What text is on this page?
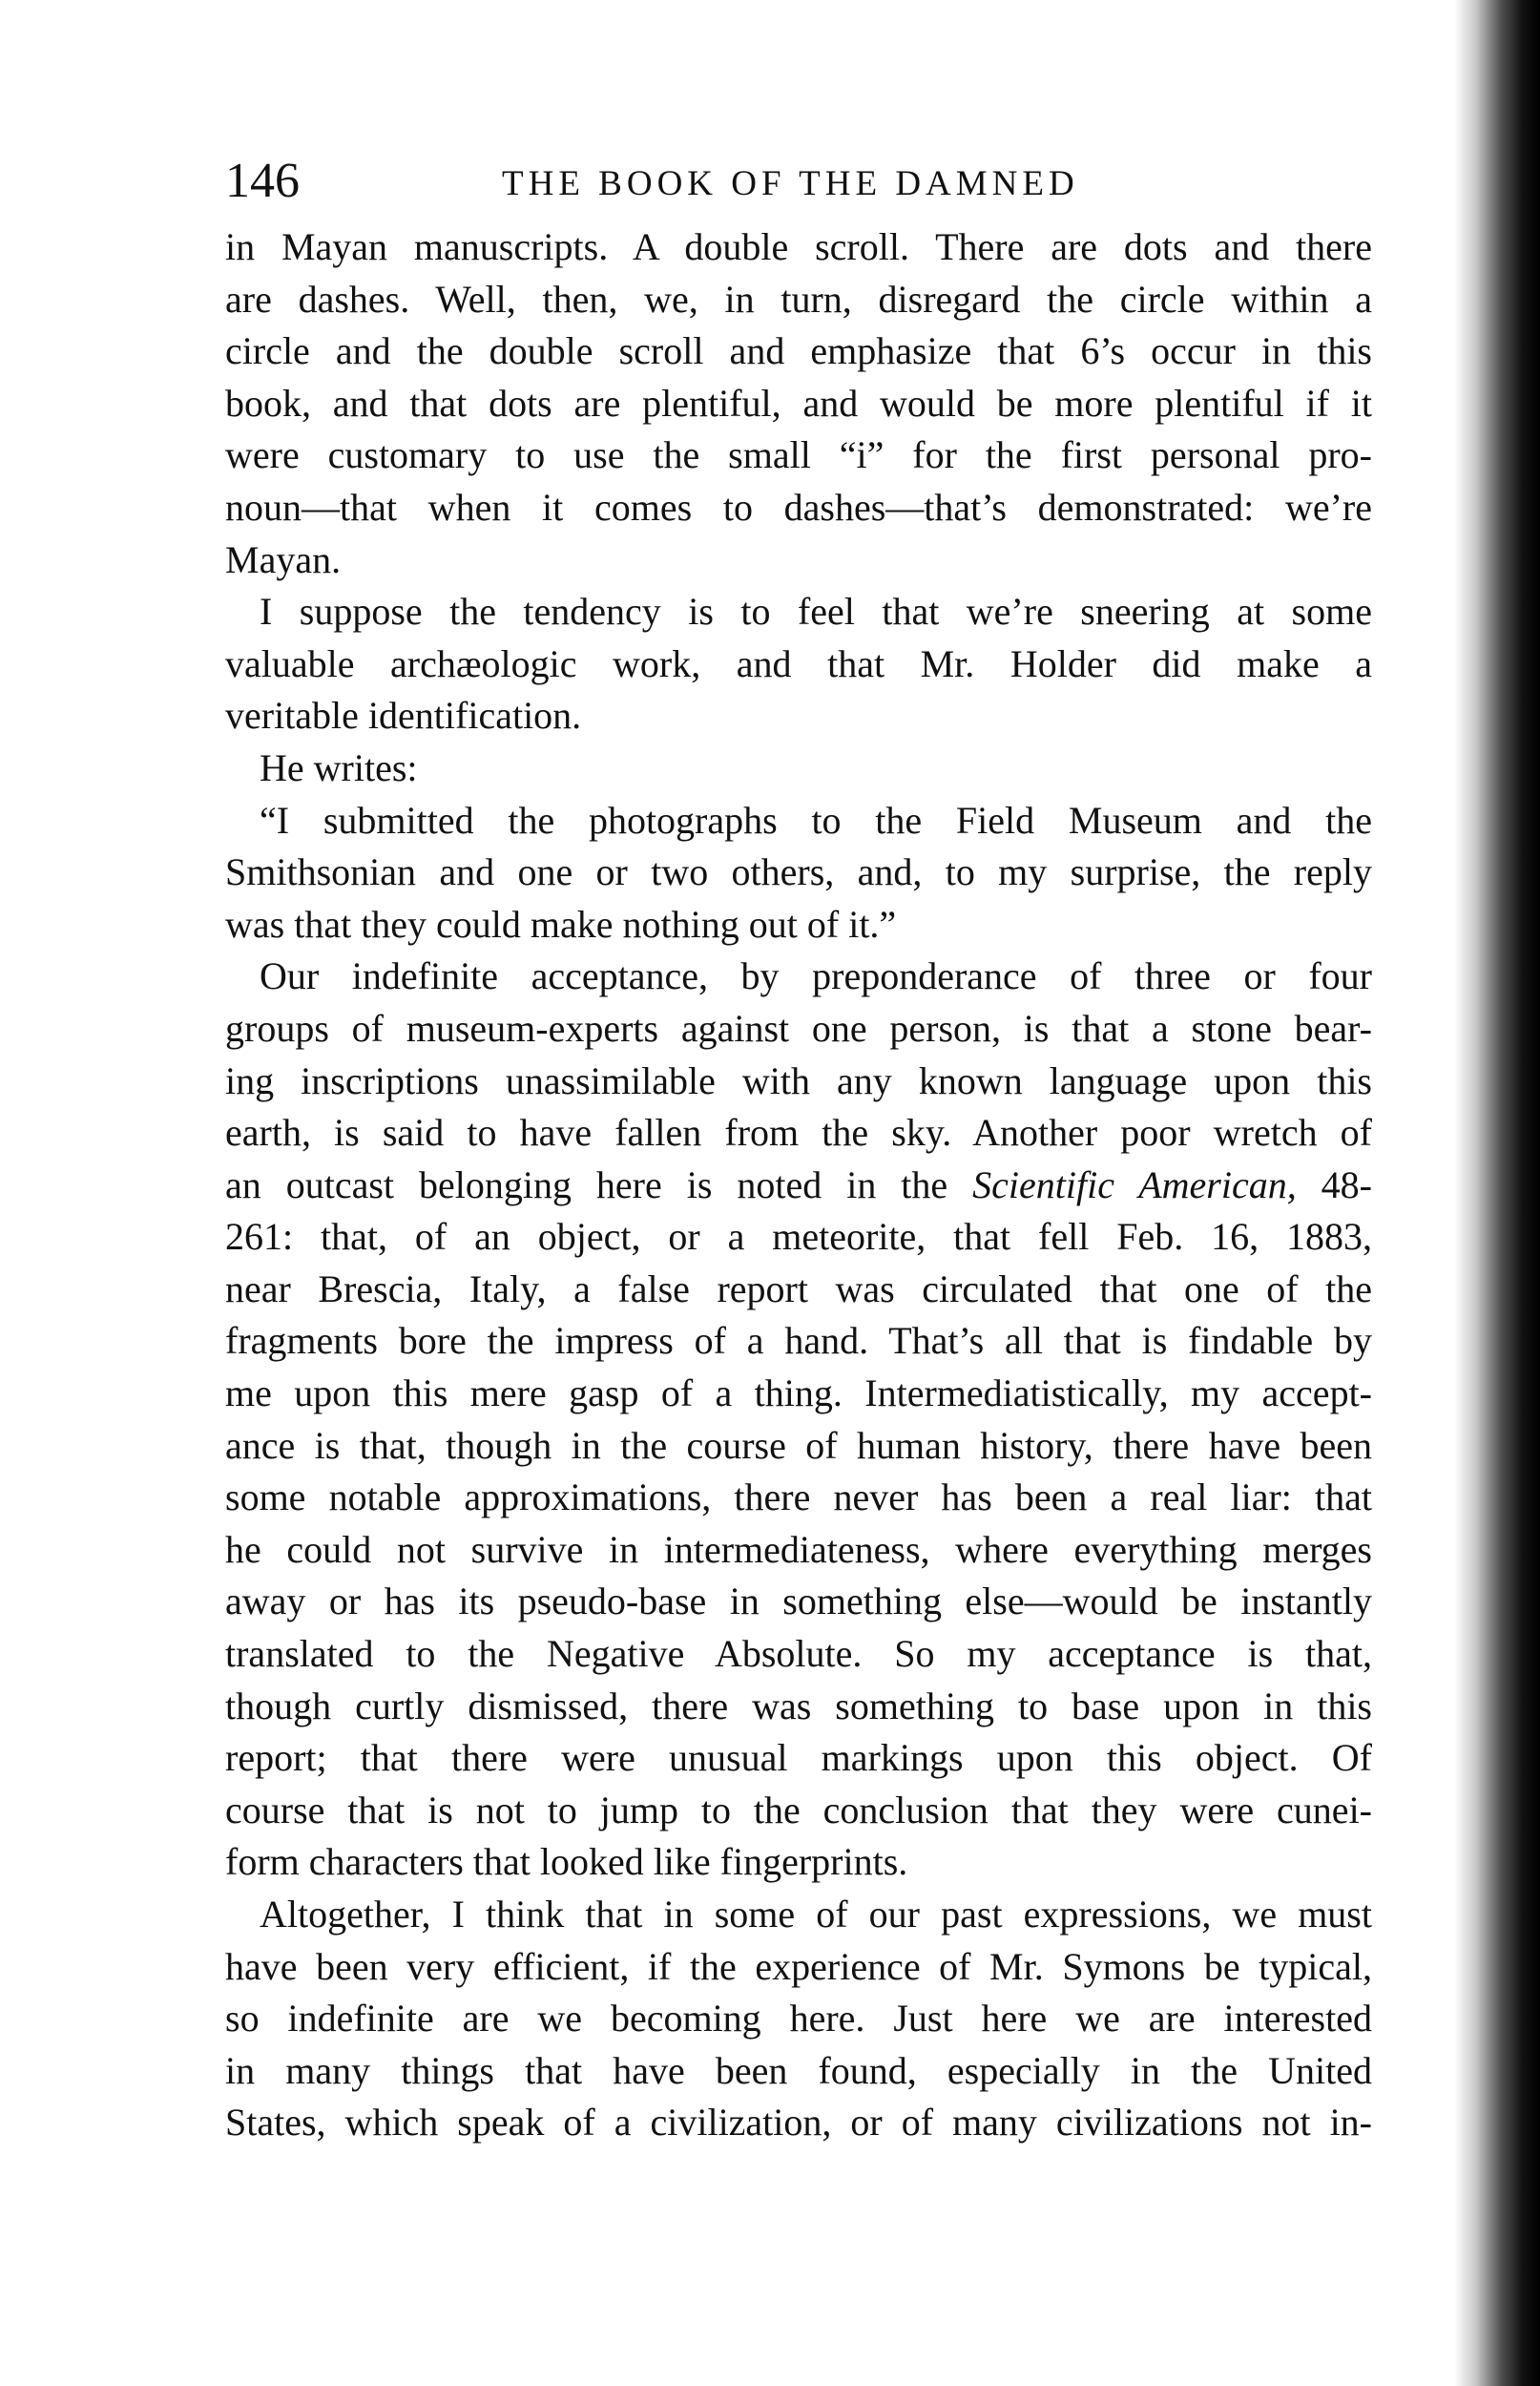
146	THE BOOK OF THE DAMNED
in Mayan manuscripts. A double scroll. There are dots and there
are dashes. Well, then, we, in turn, disregard the circle within a
circle and the double scroll and emphasize that 6’s occur in this
book, and that dots are plentiful, and would be more plentiful if it
were customary to use the small “i” for the first personal pro-
noun—that when it comes to dashes—that’s demonstrated: we’re
Mayan.
I suppose the tendency is to feel that we’re sneering at some
valuable archæologic work, and that Mr. Holder did make a
veritable identification.
He writes:
“I submitted the photographs to the Field Museum and the
Smithsonian and one or two others, and, to my surprise, the reply
was that they could make nothing out of it.”
Our indefinite acceptance, by preponderance of three or four
groups of museum-experts against one person, is that a stone bear-
ing inscriptions unassimilable with any known language upon this
earth, is said to have fallen from the sky. Another poor wretch of
an outcast belonging here is noted in the Scientific American, 48-
261: that, of an object, or a meteorite, that fell Feb. 16, 1883,
near Brescia, Italy, a false report was circulated that one of the
fragments bore the impress of a hand. That’s all that is findable by
me upon this mere gasp of a thing. Intermediatistically, my accept-
ance is that, though in the course of human history, there have been
some notable approximations, there never has been a real liar: that
he could not survive in intermediateness, where everything merges
away or has its pseudo-base in something else—would be instantly
translated to the Negative Absolute. So my acceptance is that,
though curtly dismissed, there was something to base upon in this
report; that there were unusual markings upon this object. Of
course that is not to jump to the conclusion that they were cunei-
form characters that looked like fingerprints.
Altogether, I think that in some of our past expressions, we must
have been very efficient, if the experience of Mr. Symons be typical,
so indefinite are we becoming here. Just here we are interested
in many things that have been found, especially in the United
States, which speak of a civilization, or of many civilizations not in-
